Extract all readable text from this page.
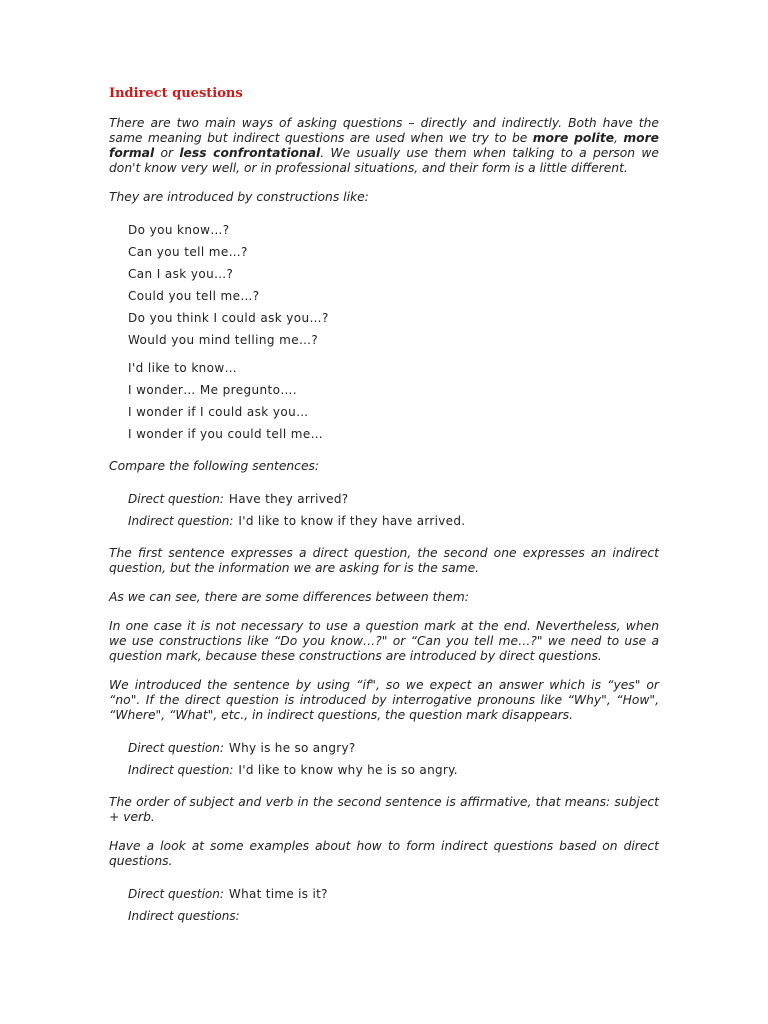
Indirect questions

There are two main ways of asking questions – directly and indirectly. Both have the same meaning but indirect questions are used when we try to be more polite, more formal or less confrontational. We usually use them when talking to a person we don't know very well, or in professional situations, and their form is a little different.

They are introduced by constructions like:

Do you know…?
Can you tell me…?
Can I ask you…?
Could you tell me…?
Do you think I could ask you…?
Would you mind telling me…?
I'd like to know…
I wonder… Me pregunto….
I wonder if I could ask you…
I wonder if you could tell me…

Compare the following sentences:

Direct question: Have they arrived?
Indirect question: I'd like to know if they have arrived.

The first sentence expresses a direct question, the second one expresses an indirect question, but the information we are asking for is the same.

As we can see, there are some differences between them:

In one case it is not necessary to use a question mark at the end. Nevertheless, when we use constructions like “Do you know…?" or “Can you tell me…?" we need to use a question mark, because these constructions are introduced by direct questions.

We introduced the sentence by using “if", so we expect an answer which is “yes" or “no". If the direct question is introduced by interrogative pronouns like “Why", “How", “Where", “What", etc., in indirect questions, the question mark disappears.

Direct question: Why is he so angry?
Indirect question: I'd like to know why he is so angry.

The order of subject and verb in the second sentence is affirmative, that means: subject + verb.

Have a look at some examples about how to form indirect questions based on direct questions.

Direct question: What time is it?
Indirect questions:
